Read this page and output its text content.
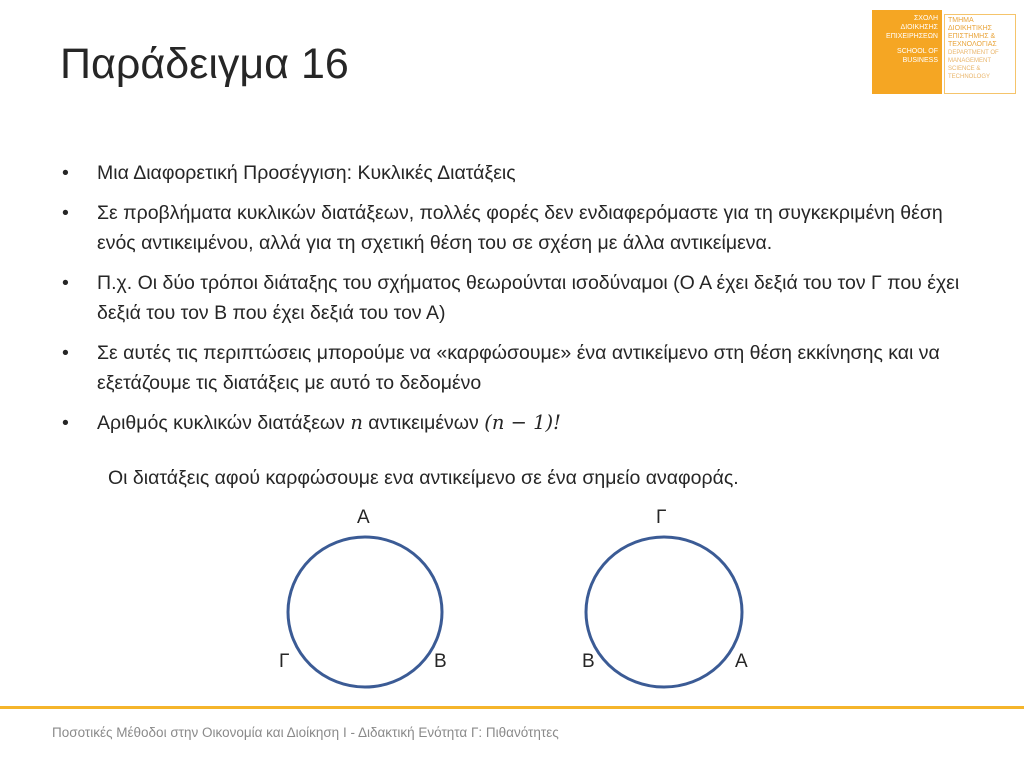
Παράδειγμα 16
ΣΧΟΛΗ
ΔΙΟΙΚΗΣΗΣ
ΕΠΙΧΕΙΡΗΣΕΩΝ
SCHOOL OF
BUSINESS
ΤΜΗΜΑ
ΔΙΟΙΚΗΤΙΚΗΣ
ΕΠΙΣΤΗΜΗΣ &
ΤΕΧΝΟΛΟΓΙΑΣ
DEPARTMENT OF
MANAGEMENT
SCIENCE &
TECHNOLOGY
• Μια Διαφορετική Προσέγγιση: Κυκλικές Διατάξεις
• Σε προβλήματα κυκλικών διατάξεων, πολλές φορές δεν ενδιαφερόμαστε για τη συγκεκριμένη θέση ενός αντικειμένου, αλλά για τη σχετική θέση του σε σχέση με άλλα αντικείμενα.
• Π.χ. Οι δύο τρόποι διάταξης του σχήματος θεωρούνται ισοδύναμοι (Ο Α έχει δεξιά του τον Γ που έχει δεξιά του τον Β που έχει δεξιά του τον Α)
• Σε αυτές τις περιπτώσεις μπορούμε να «καρφώσουμε» ένα αντικείμενο στη θέση εκκίνησης και να εξετάζουμε τις διατάξεις με αυτό το δεδομένο
• Αριθμός κυκλικών διατάξεων n αντικειμένων (n − 1)!
Οι διατάξεις αφού καρφώσουμε ενα αντικείμενο σε ένα σημείο αναφοράς.
Α
Γ	Β
Γ
Β	Α
Ποσοτικές Μέθοδοι στην Οικονομία και Διοίκηση Ι - Διδακτική Ενότητα Γ: Πιθανότητες
